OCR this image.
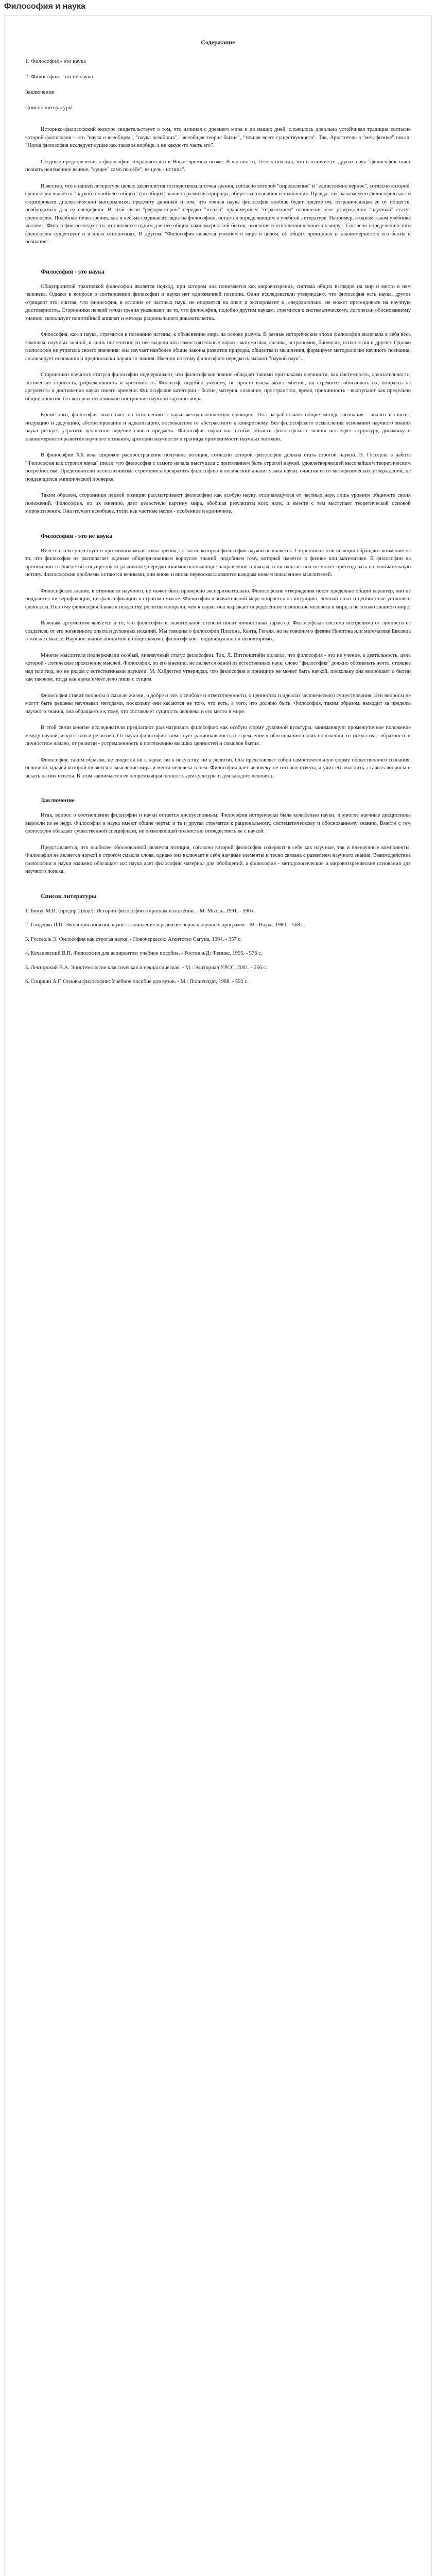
Философия и наука
Содержание
1. Философия - это наука
2. Философия - это не наука
Заключение
Список литературы

Историко-философский экскурс свидетельствует о том, что начиная с древнего мира и до наших дней, сложилось довольно устойчивая традиция согласно которой философия – это "наука о всеобщем", "наука всеобщих", "всеобщая теория бытия", "точная всего существующего". Так, Аристотель в "метафизике" писал: "Наука философия исследует сущее как таковое вообще, а не какую-то часть его".

Сходные представления о философии сохраняются и в Новое время и позже. В частности, Гегель полагал, что в отличие от других наук "философия хочет познать неизменное вечное, "сущее" само по себе", ее цель - истина".

Известно, что в нашей литературе целью десятилетия господствовала точка зрения, согласно которой "определение" и "единственно верное", согласно которой, философия является "наукой о наиболее общих" (всеобщих) законов развития природы, общества, познания и мышления. Правда, так называемую философию часто формировали диалектический материализм; предмету двойный и том, что точная наука философия вообще будет предметом, отграничающая ее от обществ, необходимых для ее специфики. В этой связи "реформаторов" нередко "только" правомерным "отражением" отношения уже утверждение "научный" статус философии. Подобная точка зрения, как и весьма сходные взгляды на философию, остается определяющим в учебной литературе. Например, в одном таком учебнике читаем: "Философия исследует то, что является одним для нее общих закономерностей бытия, познания и отношения человека к миру". Согласно определению того философия существует и в иных отношениях. В другом: "Философия является учением о мире в целом, об общих принципах и закономерностях его бытия и познания".

Философия - это наука

Общепринятой трактовкой философии является подход, при котором она понимается как мировоззрение, система общих взглядов на мир и место в нем человека. Однако в вопросе о соотношении философии и науки нет однозначной позиции. Одни исследователи утверждают, что философия есть наука, другие отрицают это, считая, что философия, в отличие от частных наук, не опирается на опыт и эксперимент и, следовательно, не может претендовать на научную достоверность. Сторонники первой точки зрения указывают на то, что философия, подобно другим наукам, стремится к систематическому, логически обоснованному знанию, использует понятийный аппарат и методы рационального доказательства.

Философия, как и наука, стремится к познанию истины, к объяснению мира на основе разума. В разные исторические эпохи философия включала в себя весь комплекс научных знаний, и лишь постепенно из нее выделились самостоятельные науки - математика, физика, астрономия, биология, психология и другие. Однако философия не утратила своего значения: она изучает наиболее общие законы развития природы, общества и мышления, формирует методологию научного познания, анализирует основания и предпосылки научного знания. Именно поэтому философию нередко называют "наукой наук".

Сторонники научного статуса философии подчеркивают, что философское знание обладает такими признаками научности, как системность, доказательность, логическая строгость, рефлексивность и критичность. Философ, подобно ученому, не просто высказывает мнения, но стремится обосновать их, опираясь на аргументы и достижения науки своего времени. Философские категории - бытие, материя, сознание, пространство, время, причинность - выступают как предельно общие понятия, без которых невозможно построение научной картины мира.

Кроме того, философия выполняет по отношению к науке методологическую функцию. Она разрабатывает общие методы познания - анализ и синтез, индукцию и дедукцию, абстрагирование и идеализацию, восхождение от абстрактного к конкретному. Без философского осмысления оснований научного знания наука рискует утратить целостное видение своего предмета. Философия науки как особая область философского знания исследует структуру, динамику и закономерности развития научного познания, критерии научности и границы применимости научных методов.

В философии ХХ века широкое распространение получила позиция, согласно которой философия должна стать строгой наукой. Э. Гуссерль в работе "Философия как строгая наука" писал, что философия с самого начала выступала с притязанием быть строгой наукой, удовлетворяющей высочайшим теоретическим потребностям. Представители неопозитивизма стремились превратить философию в логический анализ языка науки, очистив ее от метафизических утверждений, не поддающихся эмпирической проверке.

Таким образом, сторонники первой позиции рассматривают философию как особую науку, отличающуюся от частных наук лишь уровнем общности своих положений. Философия, по их мнению, дает целостную картину мира, обобщая результаты всех наук, и вместе с тем выступает теоретической основой мировоззрения. Она изучает всеобщее, тогда как частные науки - особенное и единичное.

Философия - это не наука

Вместе с тем существует и противоположная точка зрения, согласно которой философия наукой не является. Сторонники этой позиции обращают внимание на то, что философия не располагает единым общепризнанным корпусом знаний, подобным тому, который имеется в физике или математике. В философии на протяжении тысячелетий сосуществуют различные, нередко взаимоисключающие направления и школы, и ни одна из них не может претендовать на окончательную истину. Философские проблемы остаются вечными, они вновь и вновь переосмысливаются каждым новым поколением мыслителей.

Философское знание, в отличие от научного, не может быть проверено экспериментально. Философские утверждения носят предельно общий характер, они не поддаются ни верификации, ни фальсификации в строгом смысле. Философия в значительной мере опирается на интуицию, личный опыт и ценностные установки философа. Поэтому философия ближе к искусству, религии и морали, чем к науке: она выражает определенное отношение человека к миру, а не только знание о мире.

Важным аргументом является и то, что философия в значительной степени носит личностный характер. Философская система неотделима от личности ее создателя, от его жизненного опыта и духовных исканий. Мы говорим о философии Платона, Канта, Гегеля, но не говорим о физике Ньютона или математике Евклида в том же смысле. Научное знание анонимно и общезначимо, философское - индивидуально и неповторимо.

Многие мыслители подчеркивали особый, вненаучный статус философии. Так, Л. Витгенштейн полагал, что философия - это не учение, а деятельность, цель которой - логическое прояснение мыслей. Философия, по его мнению, не является одной из естественных наук; слово "философия" должно обозначать нечто, стоящее над или под, но не рядом с естественными науками. М. Хайдеггер утверждал, что философия в принципе не может быть наукой, поскольку она вопрошает о бытии как таковом, тогда как наука имеет дело лишь с сущим.

Философия ставит вопросы о смысле жизни, о добре и зле, о свободе и ответственности, о ценностях и идеалах человеческого существования. Эти вопросы не могут быть решены научными методами, поскольку они касаются не того, что есть, а того, что должно быть. Философия, таким образом, выходит за пределы научного знания, она обращается к тому, что составляет сущность человека и его место в мире.

В этой связи многие исследователи предлагают рассматривать философию как особую форму духовной культуры, занимающую промежуточное положение между наукой, искусством и религией. От науки философия заимствует рациональность и стремление к обоснованию своих положений, от искусства - образность и личностное начало, от религии - устремленность к постижению высших ценностей и смыслов бытия.

Философия, таким образом, не сводится ни к науке, ни к искусству, ни к религии. Она представляет собой самостоятельную форму общественного сознания, основной задачей которой является осмысление мира и места человека в нем. Философия дает человеку не готовые ответы, а учит его мыслить, ставить вопросы и искать на них ответы. В этом заключается ее непреходящая ценность для культуры и для каждого человека.

Заключение

Итак, вопрос о соотношении философии и науки остается дискуссионным. Философия исторически была колыбелью науки, и многие научные дисциплины выросли из ее недр. Философия и наука имеют общие черты: и та и другая стремятся к рациональному, систематическому и обоснованному знанию. Вместе с тем философия обладает существенной спецификой, не позволяющей полностью отождествить ее с наукой.

Представляется, что наиболее обоснованной является позиция, согласно которой философия содержит в себе как научные, так и вненаучные компоненты. Философия не является наукой в строгом смысле слова, однако она включает в себя научные элементы и тесно связана с развитием научного знания. Взаимодействие философии и науки взаимно обогащает их: наука дает философии материал для обобщений, а философия - методологические и мировоззренческие основания для научного поиска.

Список литературы
1. Бичуг М.И. (предпр.) (еще): Истории философии в кратком изложении. - М: Мысль, 1991. - 590 с.
2. Гайденко П.П. Эволюция понятия науки: становление и развитие первых научных программ. - М.: Наука, 1980. - 568 с.
3. Гуссерль Э. Философия как строгая наука. - Новочеркасск: Агентство Сагуна, 1994. - 357 с.
4. Кохановский В.П. Философия для аспирантов: учебное пособие. - Ростов н/Д: Феникс, 1995. - 576 с.
5. Лекторский В.А. Эпистемология классическая и неклассическая. - М.: Эдиториал УРСС, 2001. - 256 с.
6. Спиркин А.Г. Основы философии: Учебное пособие для вузов. - М.: Политиздат, 1988. - 592 с.
